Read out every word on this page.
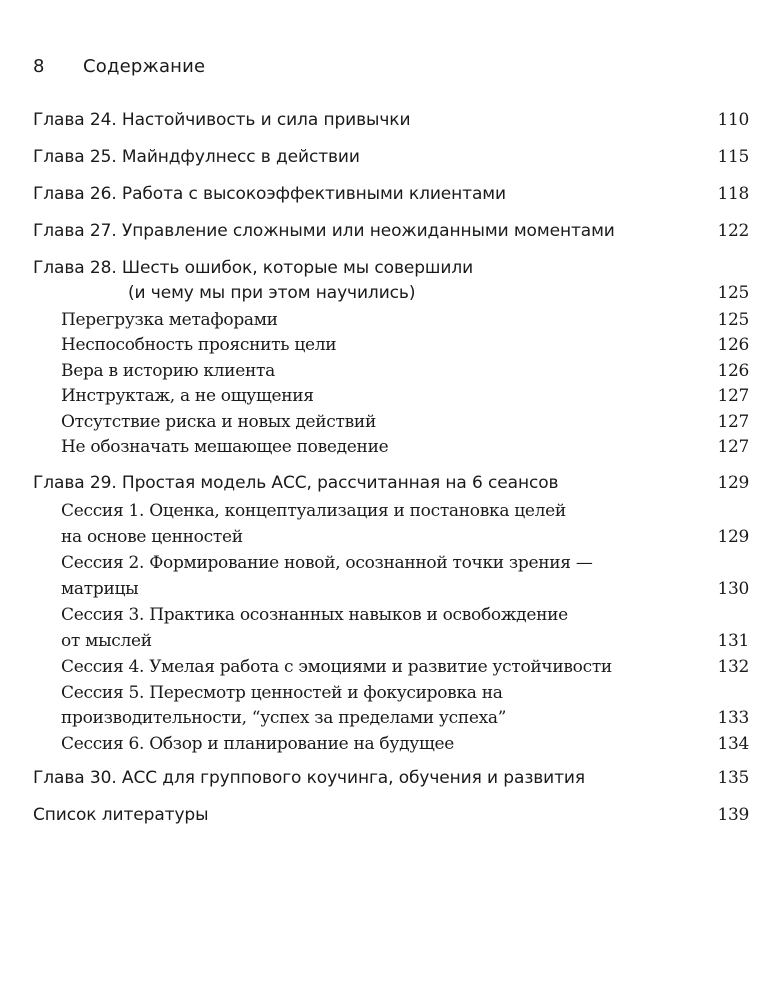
8 Содержание
Глава 24. Настойчивость и сила привычки	110
Глава 25. Майндфулнесс в действии	115
Глава 26. Работа с высокоэффективными клиентами	118
Глава 27. Управление сложными или неожиданными моментами	122
Глава 28. Шесть ошибок, которые мы совершили
(и чему мы при этом научились)	125
Перегрузка метафорами	125
Неспособность прояснить цели	126
Вера в историю клиента	126
Инструктаж, а не ощущения	127
Отсутствие риска и новых действий	127
Не обозначать мешающее поведение	127
Глава 29. Простая модель АСС, рассчитанная на 6 сеансов	129
Сессия 1. Оценка, концептуализация и постановка целей
на основе ценностей	129
Сессия 2. Формирование новой, осознанной точки зрения —
матрицы	130
Сессия 3. Практика осознанных навыков и освобождение
от мыслей	131
Сессия 4. Умелая работа с эмоциями и развитие устойчивости	132
Сессия 5. Пересмотр ценностей и фокусировка на
производительности, “успех за пределами успеха”	133
Сессия 6. Обзор и планирование на будущее	134
Глава 30. АСС для группового коучинга, обучения и развития	135
Список литературы	139
